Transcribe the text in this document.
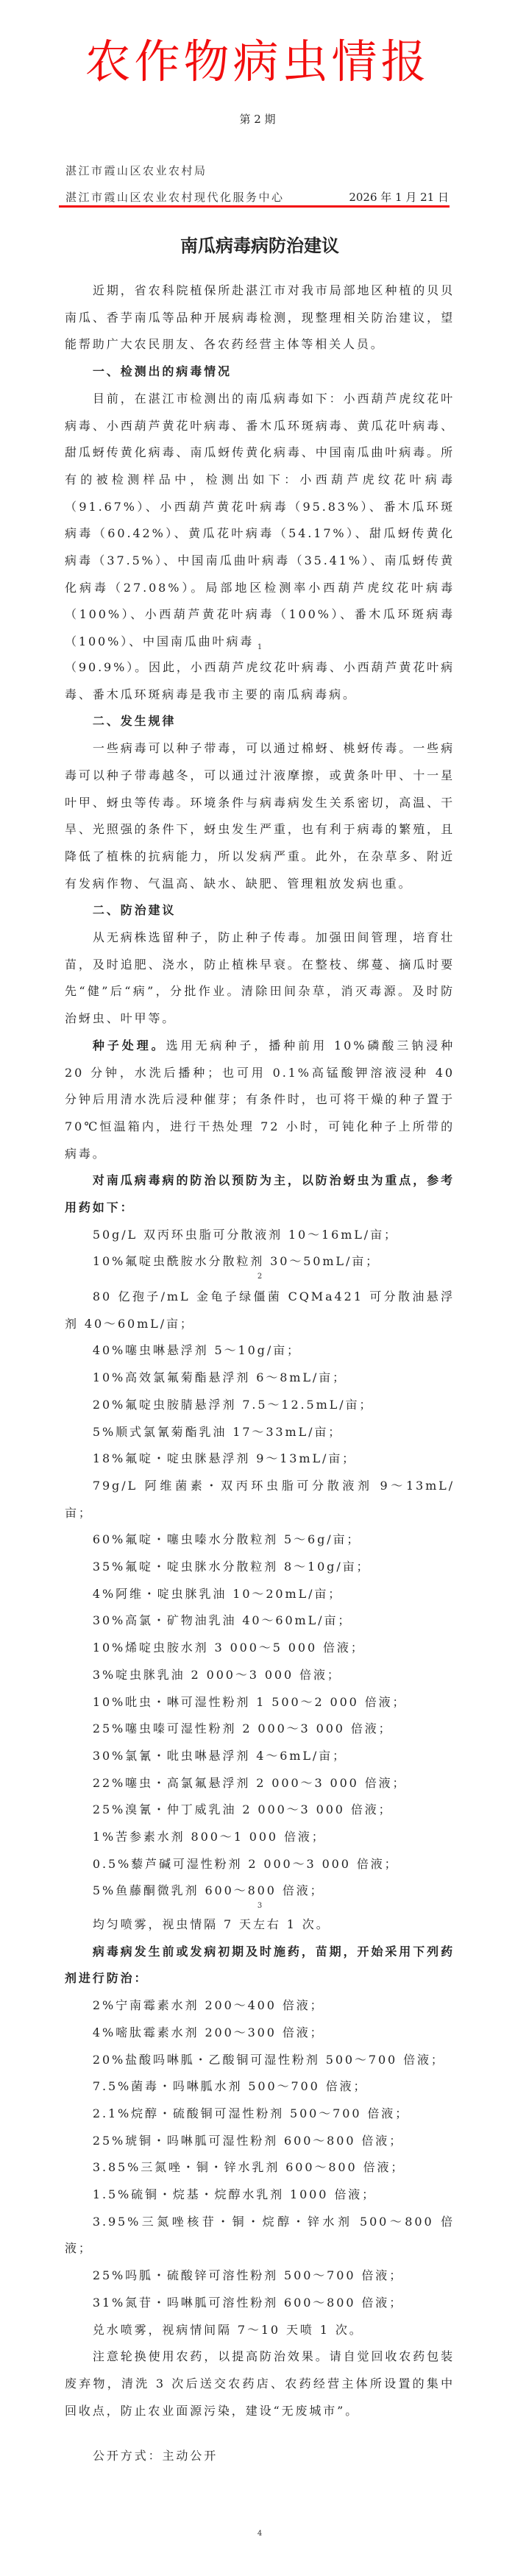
农作物病虫情报
第 2 期
湛江市霞山区农业农村局
湛江市霞山区农业农村现代化服务中心	2026 年 1 月 21 日
南瓜病毒病防治建议

近期，省农科院植保所赴湛江市对我市局部地区种植的贝贝南瓜、香芋南瓜等品种开展病毒检测，现整理相关防治建议，望能帮助广大农民朋友、各农药经营主体等相关人员。

一、检测出的病毒情况

目前，在湛江市检测出的南瓜病毒如下：小西葫芦虎纹花叶病毒、小西葫芦黄花叶病毒、番木瓜环斑病毒、黄瓜花叶病毒、甜瓜蚜传黄化病毒、南瓜蚜传黄化病毒、中国南瓜曲叶病毒。所有的被检测样品中，检测出如下：小西葫芦虎纹花叶病毒（91.67%）、小西葫芦黄花叶病毒（95.83%）、番木瓜环斑病毒（60.42%）、黄瓜花叶病毒（54.17%）、甜瓜蚜传黄化病毒（37.5%）、中国南瓜曲叶病毒（35.41%）、南瓜蚜传黄化病毒（27.08%）。局部地区检测率小西葫芦虎纹花叶病毒（100%）、小西葫芦黄花叶病毒（100%）、番木瓜环斑病毒（100%）、中国南瓜曲叶病毒

（90.9%）。因此，小西葫芦虎纹花叶病毒、小西葫芦黄花叶病毒、番木瓜环斑病毒是我市主要的南瓜病毒病。

二、发生规律

一些病毒可以种子带毒，可以通过棉蚜、桃蚜传毒。一些病毒可以种子带毒越冬，可以通过汁液摩擦，或黄条叶甲、十一星叶甲、蚜虫等传毒。环境条件与病毒病发生关系密切，高温、干旱、光照强的条件下，蚜虫发生严重，也有利于病毒的繁殖，且降低了植株的抗病能力，所以发病严重。此外，在杂草多、附近有发病作物、气温高、缺水、缺肥、管理粗放发病也重。

二、防治建议

从无病株选留种子，防止种子传毒。加强田间管理，培育壮苗，及时追肥、浇水，防止植株早衰。在整枝、绑蔓、摘瓜时要先“健”后“病”，分批作业。清除田间杂草，消灭毒源。及时防治蚜虫、叶甲等。

种子处理。选用无病种子，播种前用 10%磷酸三钠浸种 20 分钟，水洗后播种；也可用 0.1%高锰酸钾溶液浸种 40 分钟后用清水洗后浸种催芽；有条件时，也可将干燥的种子置于 70℃恒温箱内，进行干热处理 72 小时，可钝化种子上所带的病毒。

对南瓜病毒病的防治以预防为主，以防治蚜虫为重点，参考用药如下：

50g/L 双丙环虫脂可分散液剂 10～16mL/亩；

10%氟啶虫酰胺水分散粒剂 30～50mL/亩；

80 亿孢子/mL 金龟子绿僵菌 CQMa421 可分散油悬浮剂 40～60mL/亩；

40%噻虫啉悬浮剂 5～10g/亩；

10%高效氯氟菊酯悬浮剂 6～8mL/亩；

20%氟啶虫胺腈悬浮剂 7.5～12.5mL/亩；

5%顺式氯氰菊酯乳油 17～33mL/亩；

18%氟啶・啶虫脒悬浮剂 9～13mL/亩；

79g/L 阿维菌素・双丙环虫脂可分散液剂 9～13mL/亩；

60%氟啶・噻虫嗪水分散粒剂 5～6g/亩；

35%氟啶・啶虫脒水分散粒剂 8～10g/亩；

4%阿维・啶虫脒乳油 10～20mL/亩；

30%高氯・矿物油乳油 40～60mL/亩；

10%烯啶虫胺水剂 3 000～5 000 倍液；

3%啶虫脒乳油 2 000～3 000 倍液；

10%吡虫・啉可湿性粉剂 1 500～2 000 倍液；

25%噻虫嗪可湿性粉剂 2 000～3 000 倍液；

30%氯氰・吡虫啉悬浮剂 4～6mL/亩；

22%噻虫・高氯氟悬浮剂 2 000～3 000 倍液；

25%溴氰・仲丁威乳油 2 000～3 000 倍液；

1%苦参素水剂 800～1 000 倍液；

0.5%藜芦碱可湿性粉剂 2 000～3 000 倍液；

5%鱼藤酮微乳剂 600～800 倍液；

均匀喷雾，视虫情隔 7 天左右 1 次。

病毒病发生前或发病初期及时施药，苗期，开始采用下列药剂进行防治：

2%宁南霉素水剂 200～400 倍液；

4%嘧肽霉素水剂 200～300 倍液；

20%盐酸吗啉胍・乙酸铜可湿性粉剂 500～700 倍液；

7.5%菌毒・吗啉胍水剂 500～700 倍液；

2.1%烷醇・硫酸铜可湿性粉剂 500～700 倍液；

25%琥铜・吗啉胍可湿性粉剂 600～800 倍液；

3.85%三氮唑・铜・锌水乳剂 600～800 倍液；

1.5%硫铜・烷基・烷醇水乳剂 1000 倍液；

3.95%三氮唑核苷・铜・烷醇・锌水剂 500～800 倍液；

25%吗胍・硫酸锌可溶性粉剂 500～700 倍液；

31%氮苷・吗啉胍可溶性粉剂 600～800 倍液；

兑水喷雾，视病情间隔 7～10 天喷 1 次。

注意轮换使用农药，以提高防治效果。请自觉回收农药包装废弃物，清洗 3 次后送交农药店、农药经营主体所设置的集中回收点，防止农业面源污染，建设“无废城市”。

公开方式：主动公开
1
2
3
4
